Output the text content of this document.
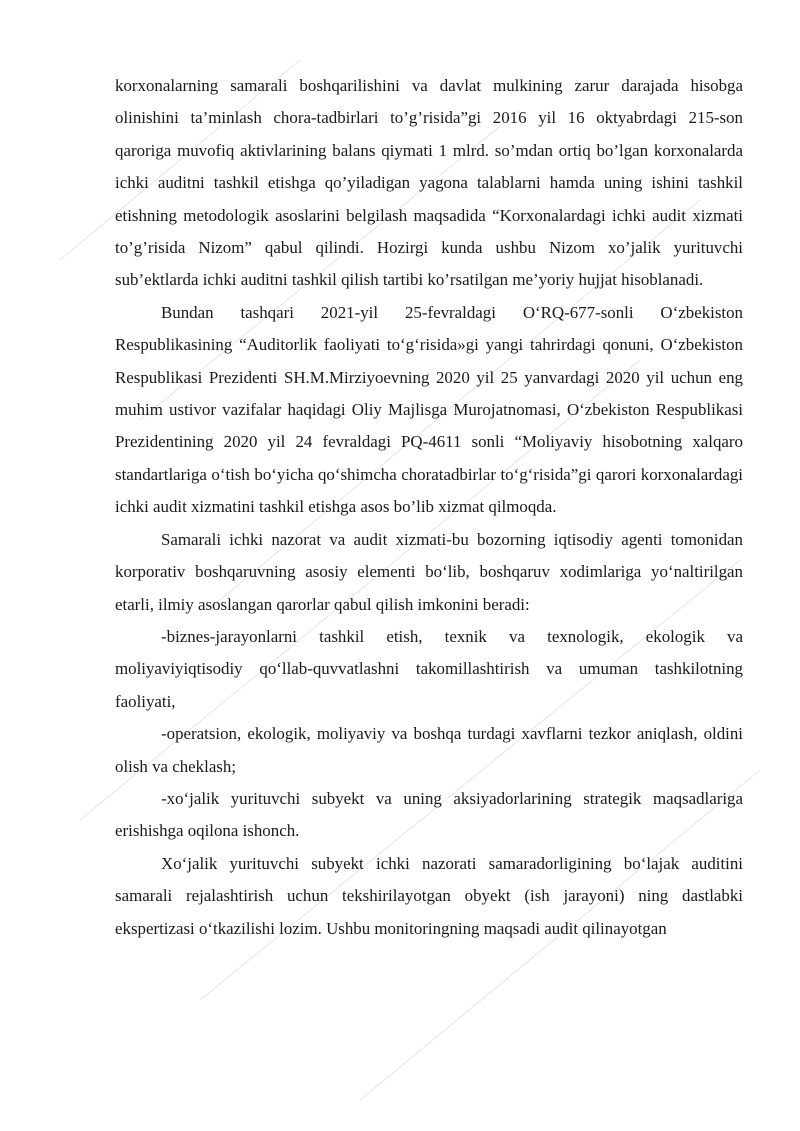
korxonalarning samarali boshqarilishini va davlat mulkining zarur darajada hisobga olinishini ta’minlash chora-tadbirlari to’g’risida”gi 2016 yil 16 oktyabrdagi 215-son qaroriga muvofiq aktivlarining balans qiymati 1 mlrd. so’mdan ortiq bo’lgan korxonalarda ichki auditni tashkil etishga qo’yiladigan yagona talablarni hamda uning ishini tashkil etishning metodologik asoslarini belgilash maqsadida “Korxonalardagi ichki audit xizmati to’g’risida Nizom” qabul qilindi. Hozirgi kunda ushbu Nizom xo’jalik yurituvchi sub’ektlarda ichki auditni tashkil qilish tartibi ko’rsatilgan me’yoriy hujjat hisoblanadi.

Bundan tashqari 2021-yil 25-fevraldagi O‘RQ-677-sonli O‘zbekiston Respublikasining “Auditorlik faoliyati to‘g‘risida»gi yangi tahrirdagi qonuni, O‘zbekiston Respublikasi Prezidenti SH.M.Mirziyoevning 2020 yil 25 yanvardagi 2020 yil uchun eng muhim ustivor vazifalar haqidagi Oliy Majlisga Murojatnomasi, O‘zbekiston Respublikasi Prezidentining 2020 yil 24 fevraldagi PQ-4611 sonli “Moliyaviy hisobotning xalqaro standartlariga o‘tish bo‘yicha qo‘shimcha choratadbirlar to‘g‘risida”gi qarori korxonalardagi ichki audit xizmatini tashkil etishga asos bo’lib xizmat qilmoqda.

Samarali ichki nazorat va audit xizmati-bu bozorning iqtisodiy agenti tomonidan korporativ boshqaruvning asosiy elementi bo‘lib, boshqaruv xodimlariga yo‘naltirilgan etarli, ilmiy asoslangan qarorlar qabul qilish imkonini beradi:

-biznes-jarayonlarni tashkil etish, texnik va texnologik, ekologik va moliyaviyiqtisodiy qo‘llab-quvvatlashni takomillashtirish va umuman tashkilotning faoliyati,

-operatsion, ekologik, moliyaviy va boshqa turdagi xavflarni tezkor aniqlash, oldini olish va cheklash;

-xo‘jalik yurituvchi subyekt va uning aksiyadorlarining strategik maqsadlariga erishishga oqilona ishonch.

Xo‘jalik yurituvchi subyekt ichki nazorati samaradorligining bo‘lajak auditini samarali rejalashtirish uchun tekshirilayotgan obyekt (ish jarayoni) ning dastlabki ekspertizasi o‘tkazilishi lozim. Ushbu monitoringning maqsadi audit qilinayotgan
